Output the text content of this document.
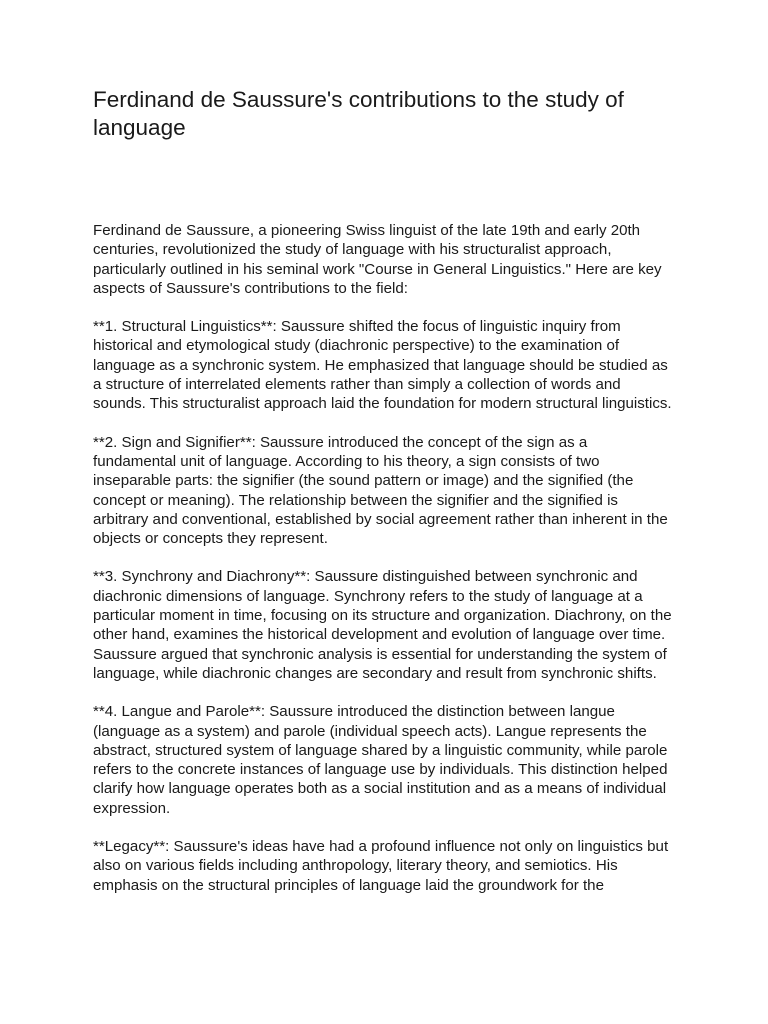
Ferdinand de Saussure's contributions to the study of language

Ferdinand de Saussure, a pioneering Swiss linguist of the late 19th and early 20th centuries, revolutionized the study of language with his structuralist approach, particularly outlined in his seminal work "Course in General Linguistics." Here are key aspects of Saussure's contributions to the field:

**1. Structural Linguistics**: Saussure shifted the focus of linguistic inquiry from historical and etymological study (diachronic perspective) to the examination of language as a synchronic system. He emphasized that language should be studied as a structure of interrelated elements rather than simply a collection of words and sounds. This structuralist approach laid the foundation for modern structural linguistics.

**2. Sign and Signifier**: Saussure introduced the concept of the sign as a fundamental unit of language. According to his theory, a sign consists of two inseparable parts: the signifier (the sound pattern or image) and the signified (the concept or meaning). The relationship between the signifier and the signified is arbitrary and conventional, established by social agreement rather than inherent in the objects or concepts they represent.

**3. Synchrony and Diachrony**: Saussure distinguished between synchronic and diachronic dimensions of language. Synchrony refers to the study of language at a particular moment in time, focusing on its structure and organization. Diachrony, on the other hand, examines the historical development and evolution of language over time. Saussure argued that synchronic analysis is essential for understanding the system of language, while diachronic changes are secondary and result from synchronic shifts.

**4. Langue and Parole**: Saussure introduced the distinction between langue (language as a system) and parole (individual speech acts). Langue represents the abstract, structured system of language shared by a linguistic community, while parole refers to the concrete instances of language use by individuals. This distinction helped clarify how language operates both as a social institution and as a means of individual expression.

**Legacy**: Saussure's ideas have had a profound influence not only on linguistics but also on various fields including anthropology, literary theory, and semiotics. His emphasis on the structural principles of language laid the groundwork for the
